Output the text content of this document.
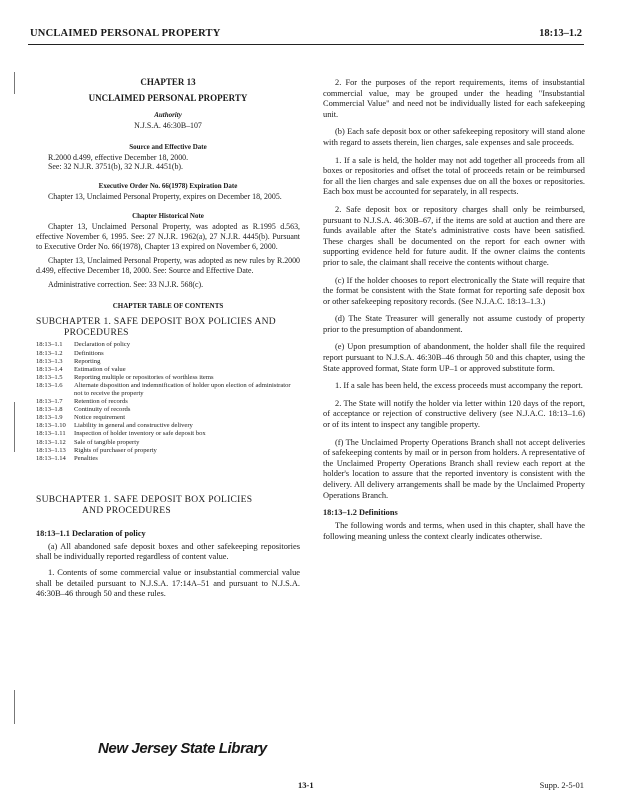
UNCLAIMED PERSONAL PROPERTY	18:13–1.2
CHAPTER 13
UNCLAIMED PERSONAL PROPERTY
Authority
N.J.S.A. 46:30B–107
Source and Effective Date
R.2000 d.499, effective December 18, 2000.
See: 32 N.J.R. 3751(b), 32 N.J.R. 4451(b).
Executive Order No. 66(1978) Expiration Date
Chapter 13, Unclaimed Personal Property, expires on December 18, 2005.
Chapter Historical Note
Chapter 13, Unclaimed Personal Property, was adopted as R.1995 d.563, effective November 6, 1995. See: 27 N.J.R. 1962(a), 27 N.J.R. 4445(b). Pursuant to Executive Order No. 66(1978), Chapter 13 expired on November 6, 2000.
Chapter 13, Unclaimed Personal Property, was adopted as new rules by R.2000 d.499, effective December 18, 2000. See: Source and Effective Date.
Administrative correction. See: 33 N.J.R. 568(c).
CHAPTER TABLE OF CONTENTS
SUBCHAPTER 1. SAFE DEPOSIT BOX POLICIES AND
PROCEDURES
18:13–1.1	Declaration of policy
18:13–1.2	Definitions
18:13–1.3	Reporting
18:13–1.4	Estimation of value
18:13–1.5	Reporting multiple or repositories of worthless items
18:13–1.6	Alternate disposition and indemnification of holder upon election of administrator not to receive the property
18:13–1.7	Retention of records
18:13–1.8	Continuity of records
18:13–1.9	Notice requirement
18:13–1.10	Liability in general and constructive delivery
18:13–1.11	Inspection of holder inventory or safe deposit box
18:13–1.12	Sale of tangible property
18:13–1.13	Rights of purchaser of property
18:13–1.14	Penalties
SUBCHAPTER 1. SAFE DEPOSIT BOX POLICIES
AND PROCEDURES
18:13–1.1 Declaration of policy
(a) All abandoned safe deposit boxes and other safekeeping repositories shall be individually reported regardless of content value.
1. Contents of some commercial value or insubstantial commercial value shall be detailed pursuant to N.J.S.A. 17:14A–51 and pursuant to N.J.S.A. 46:30B–46 through 50 and these rules.
2. For the purposes of the report requirements, items of insubstantial commercial value, may be grouped under the heading "Insubstantial Commercial Value" and need not be individually listed for each safekeeping unit.
(b) Each safe deposit box or other safekeeping repository will stand alone with regard to assets therein, lien charges, sale expenses and sale proceeds.
1. If a sale is held, the holder may not add together all proceeds from all boxes or repositories and offset the total of proceeds retain or be reimbursed for all the lien charges and sale expenses due on all the boxes or repositories. Each box must be accounted for separately, in all respects.
2. Safe deposit box or repository charges shall only be reimbursed, pursuant to N.J.S.A. 46:30B–67, if the items are sold at auction and there are funds available after the State's administrative costs have been satisfied. These charges shall be documented on the report for each owner with supporting evidence held for future audit. If the owner claims the contents prior to sale, the claimant shall receive the contents without charge.
(c) If the holder chooses to report electronically the State will require that the format be consistent with the State format for reporting safe deposit box or other safekeeping repository records. (See N.J.A.C. 18:13–1.3.)
(d) The State Treasurer will generally not assume custody of property prior to the presumption of abandonment.
(e) Upon presumption of abandonment, the holder shall file the required report pursuant to N.J.S.A. 46:30B–46 through 50 and this chapter, using the State approved format, State form UP–1 or approved substitute form.
1. If a sale has been held, the excess proceeds must accompany the report.
2. The State will notify the holder via letter within 120 days of the report, of acceptance or rejection of constructive delivery (see N.J.A.C. 18:13–1.6) or of its intent to inspect any tangible property.
(f) The Unclaimed Property Operations Branch shall not accept deliveries of safekeeping contents by mail or in person from holders. A representative of the Unclaimed Property Operations Branch shall review each report at the holder's location to assure that the reported inventory is consistent with the delivery. All delivery arrangements shall be made by the Unclaimed Property Operations Branch.
18:13–1.2 Definitions
The following words and terms, when used in this chapter, shall have the following meaning unless the context clearly indicates otherwise.
New Jersey State Library
13-1	Supp. 2-5-01
